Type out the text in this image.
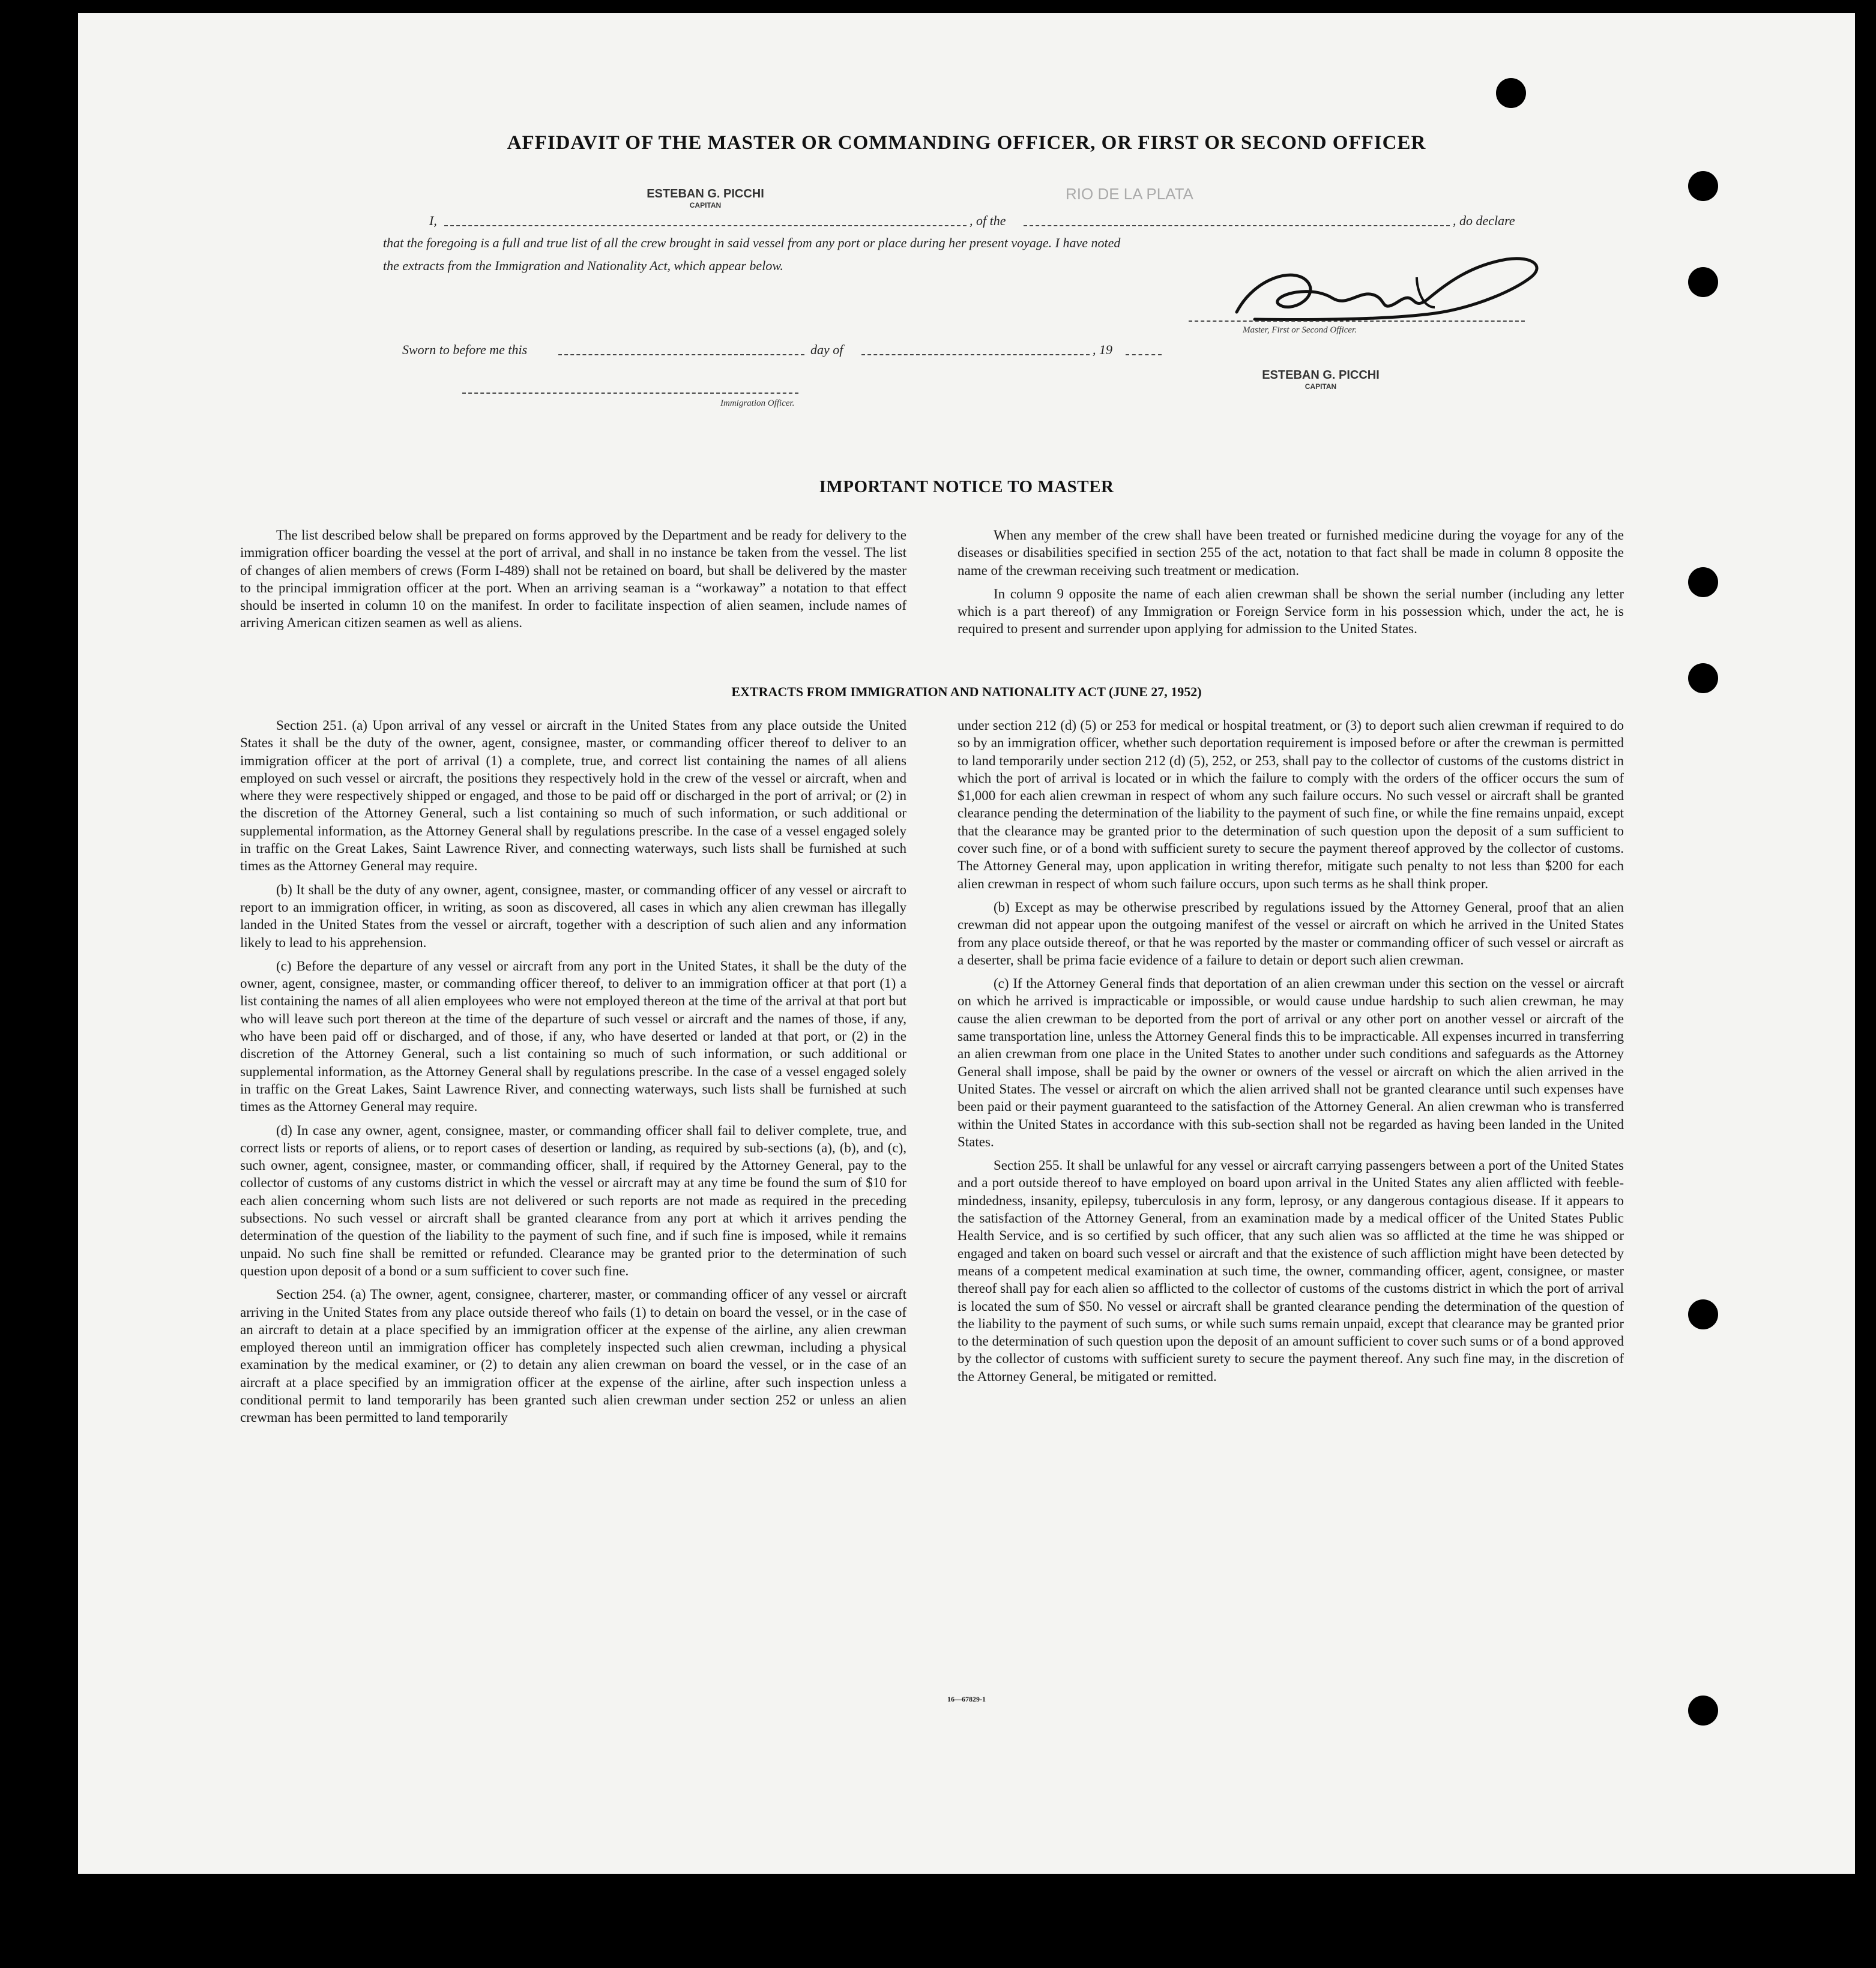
AFFIDAVIT OF THE MASTER OR COMMANDING OFFICER, OR FIRST OR SECOND OFFICER
I,
ESTEBAN G. PICCHI
CAPITAN
, of the
RIO DE LA PLATA
, do declare
that the foregoing is a full and true list of all the crew brought in said vessel from any port or place during her present voyage. I have noted
the extracts from the Immigration and Nationality Act, which appear below.
Master, First or Second Officer.
Sworn to before me this	day of	, 19
Immigration Officer.
ESTEBAN G. PICCHI
CAPITAN
IMPORTANT NOTICE TO MASTER

The list described below shall be prepared on forms approved by the Department and be ready for delivery to the immigration officer boarding the vessel at the port of arrival, and shall in no instance be taken from the vessel. The list of changes of alien members of crews (Form I-489) shall not be retained on board, but shall be delivered by the master to the principal immigration officer at the port. When an arriving seaman is a “workaway” a notation to that effect should be inserted in column 10 on the manifest. In order to facilitate inspection of alien seamen, include names of arriving American citizen seamen as well as aliens.

When any member of the crew shall have been treated or furnished medicine during the voyage for any of the diseases or disabilities specified in section 255 of the act, notation to that fact shall be made in column 8 opposite the name of the crewman receiving such treatment or medication.

In column 9 opposite the name of each alien crewman shall be shown the serial number (including any letter which is a part thereof) of any Immigration or Foreign Service form in his possession which, under the act, he is required to present and surrender upon applying for admission to the United States.

EXTRACTS FROM IMMIGRATION AND NATIONALITY ACT (JUNE 27, 1952)

Section 251. (a) Upon arrival of any vessel or aircraft in the United States from any place outside the United States it shall be the duty of the owner, agent, consignee, master, or commanding officer thereof to deliver to an immigration officer at the port of arrival (1) a complete, true, and correct list containing the names of all aliens employed on such vessel or aircraft, the positions they respectively hold in the crew of the vessel or aircraft, when and where they were respectively shipped or engaged, and those to be paid off or discharged in the port of arrival; or (2) in the discretion of the Attorney General, such a list containing so much of such information, or such additional or supplemental information, as the Attorney General shall by regulations prescribe. In the case of a vessel engaged solely in traffic on the Great Lakes, Saint Lawrence River, and connecting waterways, such lists shall be furnished at such times as the Attorney General may require.

(b) It shall be the duty of any owner, agent, consignee, master, or commanding officer of any vessel or aircraft to report to an immigration officer, in writing, as soon as discovered, all cases in which any alien crewman has illegally landed in the United States from the vessel or aircraft, together with a description of such alien and any information likely to lead to his apprehension.

(c) Before the departure of any vessel or aircraft from any port in the United States, it shall be the duty of the owner, agent, consignee, master, or commanding officer thereof, to deliver to an immigration officer at that port (1) a list containing the names of all alien employees who were not employed thereon at the time of the arrival at that port but who will leave such port thereon at the time of the departure of such vessel or aircraft and the names of those, if any, who have been paid off or discharged, and of those, if any, who have deserted or landed at that port, or (2) in the discretion of the Attorney General, such a list containing so much of such information, or such additional or supplemental information, as the Attorney General shall by regulations prescribe. In the case of a vessel engaged solely in traffic on the Great Lakes, Saint Lawrence River, and connecting waterways, such lists shall be furnished at such times as the Attorney General may require.

(d) In case any owner, agent, consignee, master, or commanding officer shall fail to deliver complete, true, and correct lists or reports of aliens, or to report cases of desertion or landing, as required by sub-sections (a), (b), and (c), such owner, agent, consignee, master, or commanding officer, shall, if required by the Attorney General, pay to the collector of customs of any customs district in which the vessel or aircraft may at any time be found the sum of $10 for each alien concerning whom such lists are not delivered or such reports are not made as required in the preceding subsections. No such vessel or aircraft shall be granted clearance from any port at which it arrives pending the determination of the question of the liability to the payment of such fine, and if such fine is imposed, while it remains unpaid. No such fine shall be remitted or refunded. Clearance may be granted prior to the determination of such question upon deposit of a bond or a sum sufficient to cover such fine.

Section 254. (a) The owner, agent, consignee, charterer, master, or commanding officer of any vessel or aircraft arriving in the United States from any place outside thereof who fails (1) to detain on board the vessel, or in the case of an aircraft to detain at a place specified by an immigration officer at the expense of the airline, any alien crewman employed thereon until an immigration officer has completely inspected such alien crewman, including a physical examination by the medical examiner, or (2) to detain any alien crewman on board the vessel, or in the case of an aircraft at a place specified by an immigration officer at the expense of the airline, after such inspection unless a conditional permit to land temporarily has been granted such alien crewman under section 252 or unless an alien crewman has been permitted to land temporarily

under section 212 (d) (5) or 253 for medical or hospital treatment, or (3) to deport such alien crewman if required to do so by an immigration officer, whether such deportation requirement is imposed before or after the crewman is permitted to land temporarily under section 212 (d) (5), 252, or 253, shall pay to the collector of customs of the customs district in which the port of arrival is located or in which the failure to comply with the orders of the officer occurs the sum of $1,000 for each alien crewman in respect of whom any such failure occurs. No such vessel or aircraft shall be granted clearance pending the determination of the liability to the payment of such fine, or while the fine remains unpaid, except that the clearance may be granted prior to the determination of such question upon the deposit of a sum sufficient to cover such fine, or of a bond with sufficient surety to secure the payment thereof approved by the collector of customs. The Attorney General may, upon application in writing therefor, mitigate such penalty to not less than $200 for each alien crewman in respect of whom such failure occurs, upon such terms as he shall think proper.

(b) Except as may be otherwise prescribed by regulations issued by the Attorney General, proof that an alien crewman did not appear upon the outgoing manifest of the vessel or aircraft on which he arrived in the United States from any place outside thereof, or that he was reported by the master or commanding officer of such vessel or aircraft as a deserter, shall be prima facie evidence of a failure to detain or deport such alien crewman.

(c) If the Attorney General finds that deportation of an alien crewman under this section on the vessel or aircraft on which he arrived is impracticable or impossible, or would cause undue hardship to such alien crewman, he may cause the alien crewman to be deported from the port of arrival or any other port on another vessel or aircraft of the same transportation line, unless the Attorney General finds this to be impracticable. All expenses incurred in transferring an alien crewman from one place in the United States to another under such conditions and safeguards as the Attorney General shall impose, shall be paid by the owner or owners of the vessel or aircraft on which the alien arrived in the United States. The vessel or aircraft on which the alien arrived shall not be granted clearance until such expenses have been paid or their payment guaranteed to the satisfaction of the Attorney General. An alien crewman who is transferred within the United States in accordance with this sub-section shall not be regarded as having been landed in the United States.

Section 255. It shall be unlawful for any vessel or aircraft carrying passengers between a port of the United States and a port outside thereof to have employed on board upon arrival in the United States any alien afflicted with feeble-mindedness, insanity, epilepsy, tuberculosis in any form, leprosy, or any dangerous contagious disease. If it appears to the satisfaction of the Attorney General, from an examination made by a medical officer of the United States Public Health Service, and is so certified by such officer, that any such alien was so afflicted at the time he was shipped or engaged and taken on board such vessel or aircraft and that the existence of such affliction might have been detected by means of a competent medical examination at such time, the owner, commanding officer, agent, consignee, or master thereof shall pay for each alien so afflicted to the collector of customs of the customs district in which the port of arrival is located the sum of $50. No vessel or aircraft shall be granted clearance pending the determination of the question of the liability to the payment of such sums, or while such sums remain unpaid, except that clearance may be granted prior to the determination of such question upon the deposit of an amount sufficient to cover such sums or of a bond approved by the collector of customs with sufficient surety to secure the payment thereof. Any such fine may, in the discretion of the Attorney General, be mitigated or remitted.

16—67829-1
